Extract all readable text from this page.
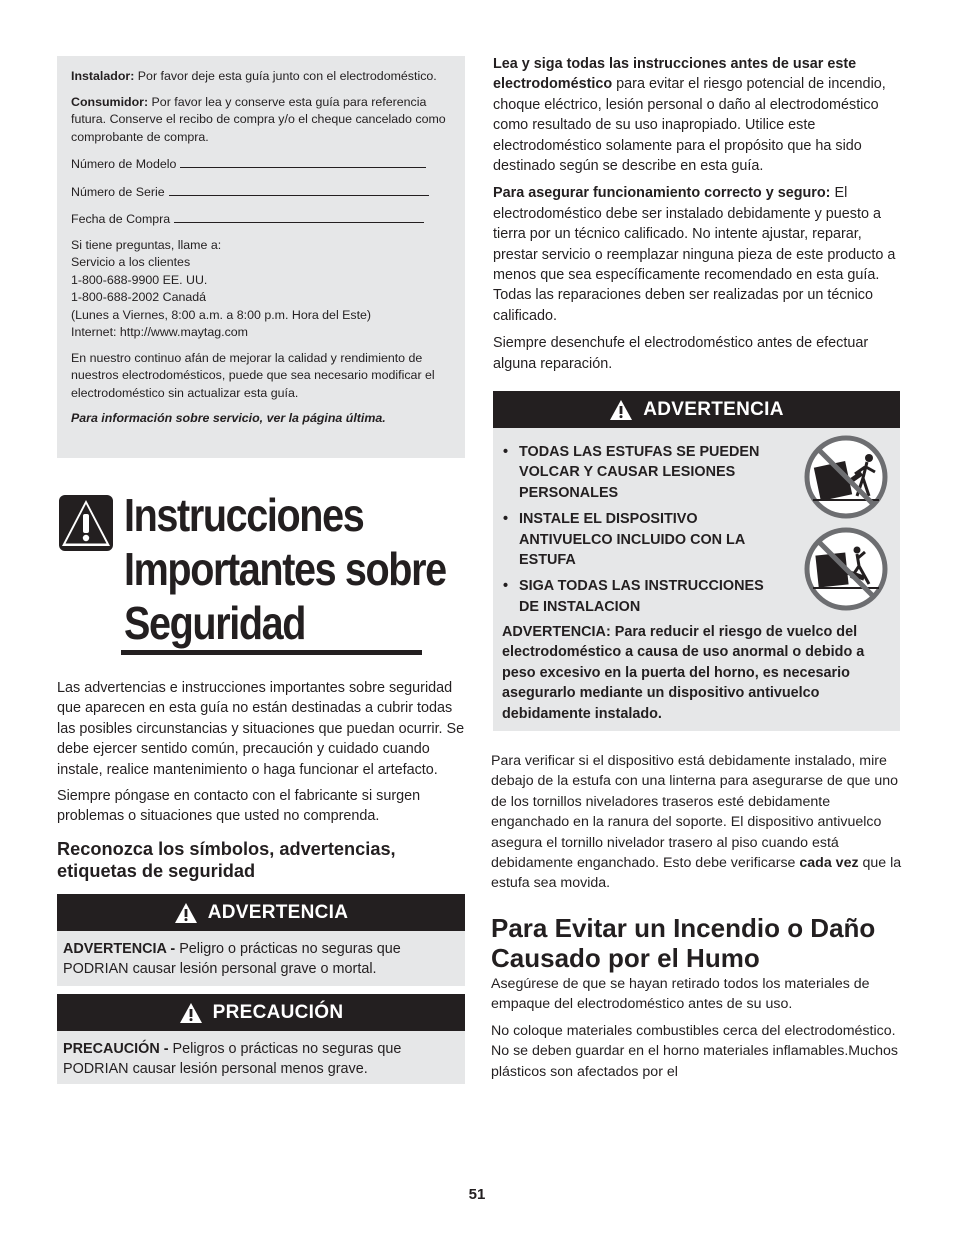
Instalador: Por favor deje esta guía junto con el electrodoméstico.

Consumidor: Por favor lea y conserve esta guía para referencia futura. Conserve el recibo de compra y/o el cheque cancelado como comprobante de compra.

Número de Modelo

Número de Serie

Fecha de Compra

Si tiene preguntas, llame a:

Servicio a los clientes

1-800-688-9900 EE. UU.

1-800-688-2002 Canadá

(Lunes a Viernes, 8:00 a.m. a 8:00 p.m. Hora del Este)

Internet: http://www.maytag.com

En nuestro continuo afán de mejorar la calidad y rendimiento de nuestros electrodomésticos, puede que sea necesario modificar el electrodoméstico sin actualizar esta guía.

Para información sobre servicio, ver la página última.

Instrucciones
Importantes sobre
Seguridad

Las advertencias e instrucciones importantes sobre seguridad que aparecen en esta guía no están destinadas a cubrir todas las posibles circunstancias y situaciones que puedan ocurrir. Se debe ejercer sentido común, precaución y cuidado cuando instale, realice mantenimiento o haga funcionar el artefacto.

Siempre póngase en contacto con el fabricante si surgen problemas o situaciones que usted no comprenda.

Reconozca los símbolos, advertencias, etiquetas de seguridad
ADVERTENCIA
ADVERTENCIA - Peligro o prácticas no seguras que PODRIAN causar lesión personal grave o mortal.
PRECAUCIÓN
PRECAUCIÓN - Peligros o prácticas no seguras que PODRIAN causar lesión personal menos grave.

Lea y siga todas las instrucciones antes de usar este electrodoméstico para evitar el riesgo potencial de incendio, choque eléctrico, lesión personal o daño al electrodoméstico como resultado de su uso inapropiado. Utilice este electrodoméstico solamente para el propósito que ha sido destinado según se describe en esta guía.

Para asegurar funcionamiento correcto y seguro: El electrodoméstico debe ser instalado debidamente y puesto a tierra por un técnico calificado. No intente ajustar, reparar, prestar servicio o reemplazar ninguna pieza de este producto a menos que sea específicamente recomendado en esta guía. Todas las reparaciones deben ser realizadas por un técnico calificado.

Siempre desenchufe el electrodoméstico antes de efectuar alguna reparación.

ADVERTENCIA
• TODAS LAS ESTUFAS SE PUEDEN VOLCAR Y CAUSAR LESIONES PERSONALES
• INSTALE EL DISPOSITIVO ANTIVUELCO INCLUIDO CON LA ESTUFA
• SIGA TODAS LAS INSTRUCCIONES DE INSTALACION

ADVERTENCIA: Para reducir el riesgo de vuelco del electrodoméstico a causa de uso anormal o debido a peso excesivo en la puerta del horno, es necesario asegurarlo mediante un dispositivo antivuelco debidamente instalado.

Para verificar si el dispositivo está debidamente instalado, mire debajo de la estufa con una linterna para asegurarse de que uno de los tornillos niveladores traseros esté debidamente enganchado en la ranura del soporte. El dispositivo antivuelco asegura el tornillo nivelador trasero al piso cuando está debidamente enganchado. Esto debe verificarse cada vez que la estufa sea movida.
Para Evitar un Incendio o Daño Causado por el Humo

Asegúrese de que se hayan retirado todos los materiales de empaque del electrodoméstico antes de su uso.

No coloque materiales combustibles cerca del electrodoméstico. No se deben guardar en el horno materiales inflamables.Muchos plásticos son afectados por el

51
